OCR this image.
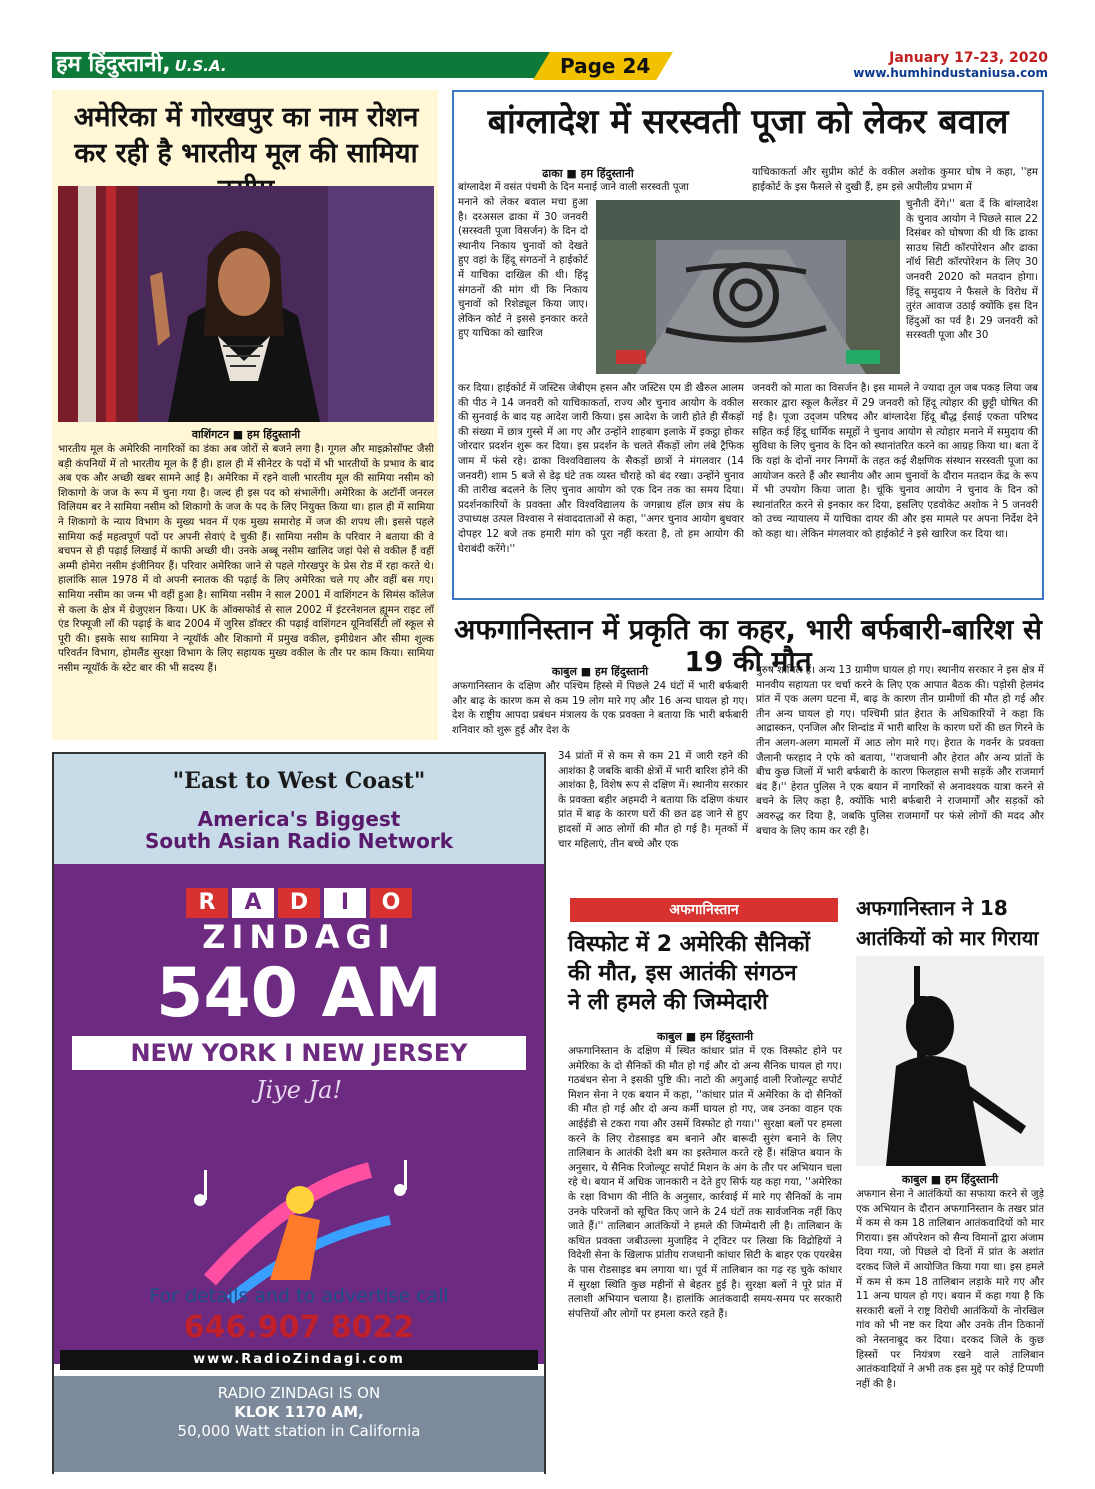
हम हिंदुस्तानी, U.S.A.	Page 24	January 17-23, 2020
www.humhindustaniusa.com
अमेरिका में गोरखपुर का नाम रोशन
कर रही है भारतीय मूल की सामिया
वाशिंगटन ■ हम हिंदुस्तानी
भारतीय मूल के अमेरिकी नागरिकों का डंका अब जोरों से बजने लगा है। गूगल और माइक्रोसॉफ्ट जैसी बड़ी कंपनियों में तो भारतीय मूल के हैं ही। हाल ही में सीनेटर के पदों में भी भारतीयों के प्रभाव के बाद अब एक और अच्छी खबर सामने आई है। अमेरिका में रहने वाली भारतीय मूल की सामिया नसीम को शिकागो के जज के रूप में चुना गया है। जल्द ही इस पद को संभालेंगी। अमेरिका के अटॉर्नी जनरल विलियम बर ने सामिया नसीम को शिकागो के जज के पद के लिए नियुक्त किया था। हाल ही में सामिया ने शिकागो के न्याय विभाग के मुख्य भवन में एक मुख्य समारोह में जज की शपथ ली। इससे पहले सामिया कई महत्वपूर्ण पदों पर अपनी सेवाएं दे चुकी हैं। सामिया नसीम के परिवार ने बताया की वे बचपन से ही पढ़ाई लिखाई में काफी अच्छी थी। उनके अब्बू नसीम खालिद जहां पेशे से वकील हैं वहीं अम्मी होमेरा नसीम इंजीनियर हैं। परिवार अमेरिका जाने से पहले गोरखपुर के प्रेस रोड में रहा करते थे। हालांकि साल 1978 में वो अपनी स्नातक की पढ़ाई के लिए अमेरिका चले गए और वहीं बस गए। सामिया नसीम का जन्म भी वहीं हुआ है। सामिया नसीम ने साल 2001 में वाशिंगटन के सिमंस कॉलेज से कला के क्षेत्र में ग्रेजुएशन किया। UK के ऑक्सफोर्ड से साल 2002 में इंटरनेशनल ह्यूमन राइट लॉ एंड रिफ्यूजी लॉ की पढ़ाई के बाद 2004 में जुरिस डॉक्टर की पढ़ाई वाशिंगटन यूनिवर्सिटी लॉ स्कूल से पूरी की। इसके साथ सामिया ने न्यूयॉर्क और शिकागो में प्रमुख वकील, इमीग्रेशन और सीमा शुल्क परिवर्तन विभाग, होमलैंड सुरक्षा विभाग के लिए सहायक मुख्य वकील के तौर पर काम किया। सामिया नसीम न्यूयॉर्क के स्टेट बार की भी सदस्य हैं।
बांग्लादेश में सरस्वती पूजा को लेकर बवाल
ढाका ■ हम हिंदुस्तानी
बांग्लादेश में वसंत पंचमी के दिन मनाई जाने वाली सरस्वती पूजा
मनाने को लेकर बवाल मचा हुआ है। दरअसल ढाका में 30 जनवरी (सरस्वती पूजा विसर्जन) के दिन दो स्थानीय निकाय चुनावों को देखते हुए वहां के हिंदू संगठनों ने हाईकोर्ट में याचिका दाखिल की थी। हिंदू संगठनों की मांग थी कि निकाय चुनावों को रिशेड्यूल किया जाए। लेकिन कोर्ट ने इससे इनकार करते हुए याचिका को खारिज
कर दिया। हाईकोर्ट में जस्टिस जेबीएम हसन और जस्टिस एम डी खैरुल आलम की पीठ ने 14 जनवरी को याचिकाकर्ता, राज्य और चुनाव आयोग के वकील की सुनवाई के बाद यह आदेश जारी किया। इस आदेश के जारी होते ही सैंकड़ों की संख्या में छात्र गुस्से में आ गए और उन्होंने शाहबाग इलाके में इकट्ठा होकर जोरदार प्रदर्शन शुरू कर दिया। इस प्रदर्शन के चलते सैंकड़ों लोग लंबे ट्रैफिक जाम में फंसे रहे। ढाका विश्वविद्यालय के सैकड़ों छात्रों ने मंगलवार (14 जनवरी) शाम 5 बजे से डेढ़ घंटे तक व्यस्त चौराहे को बंद रखा। उन्होंने चुनाव की तारीख बदलने के लिए चुनाव आयोग को एक दिन तक का समय दिया। प्रदर्शनकारियों के प्रवक्ता और विश्वविद्यालय के जगन्नाथ हॉल छात्र संघ के उपाध्यक्ष उत्पल विश्वास ने संवाददाताओं से कहा, ''अगर चुनाव आयोग बुधवार दोपहर 12 बजे तक हमारी मांग को पूरा नहीं करता है, तो हम आयोग की घेराबंदी करेंगे।''
याचिकाकर्ता और सुप्रीम कोर्ट के वकील अशोक कुमार घोष ने कहा, ''हम हाईकोर्ट के इस फैसले से दुखी हैं, हम इसे अपीलीय प्रभाग में
चुनौती देंगे।'' बता दें कि बांग्लादेश के चुनाव आयोग ने पिछले साल 22 दिसंबर को घोषणा की थी कि ढाका साउथ सिटी कॉरपोरेशन और ढाका नॉर्थ सिटी कॉरपोरेशन के लिए 30 जनवरी 2020 को मतदान होगा। हिंदू समुदाय ने फैसले के विरोध में तुरंत आवाज उठाई क्योंकि इस दिन हिंदुओं का पर्व है। 29 जनवरी को सरस्वती पूजा और 30
जनवरी को माता का विसर्जन है। इस मामले ने ज्यादा तूल जब पकड़ लिया जब सरकार द्वारा स्कूल कैलेंडर में 29 जनवरी को हिंदू त्योहार की छुट्टी घोषित की गई है। पूजा उद्जम परिषद और बांग्लादेश हिंदू बौद्ध ईसाई एकता परिषद सहित कई हिंदू धार्मिक समूहों ने चुनाव आयोग से त्योहार मनाने में समुदाय की सुविधा के लिए चुनाव के दिन को स्थानांतरित करने का आग्रह किया था। बता दें कि यहां के दोनों नगर निगमों के तहत कई शैक्षणिक संस्थान सरस्वती पूजा का आयोजन करते हैं और स्थानीय और आम चुनावों के दौरान मतदान केंद्र के रूप में भी उपयोग किया जाता है। चूंकि चुनाव आयोग ने चुनाव के दिन को स्थानांतरित करने से इनकार कर दिया, इसलिए एडवोकेट अशोक ने 5 जनवरी को उच्च न्यायालय में याचिका दायर की और इस मामले पर अपना निर्देश देने को कहा था। लेकिन मंगलवार को हाईकोर्ट ने इसे खारिज कर दिया था।
अफगानिस्तान में प्रकृति का कहर, भारी बर्फबारी-बारिश से 19 की मौत
काबुल ■ हम हिंदुस्तानी
अफगानिस्तान के दक्षिण और पश्चिम हिस्से में पिछले 24 घंटों में भारी बर्फबारी और बाढ़ के कारण कम से कम 19 लोग मारे गए और 16 अन्य घायल हो गए। देश के राष्ट्रीय आपदा प्रबंधन मंत्रालय के एक प्रवक्ता ने बताया कि भारी बर्फबारी शनिवार को शुरू हुई और देश के
34 प्रांतों में से कम से कम 21 में जारी रहने की आशंका है जबकि बाकी क्षेत्रों में भारी बारिश होने की आशंका है, विशेष रूप से दक्षिण में। स्थानीय सरकार के प्रवक्ता बहीर अहमदी ने बताया कि दक्षिण कंधार प्रांत में बाढ़ के कारण घरों की छत ढह जाने से हुए हादसों में आठ लोगों की मौत हो गई है। मृतकों में चार महिलाएं, तीन बच्चे और एक
पुरुष शामिल हैं। अन्य 13 ग्रामीण घायल हो गए। स्थानीय सरकार ने इस क्षेत्र में मानवीय सहायता पर चर्चा करने के लिए एक आपात बैठक की। पड़ोसी हेलमंद प्रांत में एक अलग घटना में, बाढ़ के कारण तीन ग्रामीणों की मौत हो गई और तीन अन्य घायल हो गए। पश्चिमी प्रांत हेरात के अधिकारियों ने कहा कि आद्रास्कन, एनजिल और शिन्दांड में भारी बारिश के कारण घरों की छत गिरने के तीन अलग-अलग मामलों में आठ लोग मारे गए। हेरात के गवर्नर के प्रवक्ता जैलानी फरहाद ने एफे को बताया, ''राजधानी और हेरात और अन्य प्रांतों के बीच कुछ जिलों में भारी बर्फबारी के कारण फिलहाल सभी सड़कें और राजमार्ग बंद हैं।'' हेरात पुलिस ने एक बयान में नागरिकों से अनावश्यक यात्रा करने से बचने के लिए कहा है, क्योंकि भारी बर्फबारी ने राजमार्गों और सड़कों को अवरुद्ध कर दिया है, जबकि पुलिस राजमार्गों पर फंसे लोगों की मदद और बचाव के लिए काम कर रही है।
"East to West Coast"
America's Biggest
South Asian Radio Network
R	A	D	I	O
ZINDAGI
540 AM
NEW YORK I NEW JERSEY
Jiye Ja!
For details and to advertise call
646.907 8022
www.RadioZindagi.com
RADIO ZINDAGI IS ON
KLOK 1170 AM,
50,000 Watt station in California
अफगानिस्तान
विस्फोट में 2 अमेरिकी सैनिकों
की मौत, इस आतंकी संगठन
ने ली हमले की जिम्मेदारी
काबुल ■ हम हिंदुस्तानी
अफगानिस्तान के दक्षिण में स्थित कांधार प्रांत में एक विस्फोट होने पर अमेरिका के दो सैनिकों की मौत हो गई और दो अन्य सैनिक घायल हो गए। गठबंधन सेना ने इसकी पुष्टि की। नाटो की अगुआई वाली रिजोल्यूट सपोर्ट मिशन सेना ने एक बयान में कहा, ''कांधार प्रांत में अमेरिका के दो सैनिकों की मौत हो गई और दो अन्य कर्मी घायल हो गए, जब उनका वाहन एक आईईडी से टकरा गया और उसमें विस्फोट हो गया।'' सुरक्षा बलों पर हमला करने के लिए रोडसाइड बम बनाने और बारूदी सुरंग बनाने के लिए तालिबान के आतंकी देशी बम का इस्तेमाल करते रहे हैं। संक्षिप्त बयान के अनुसार, ये सैनिक रिजोल्यूट सपोर्ट मिशन के अंग के तौर पर अभियान चला रहे थे। बयान में अधिक जानकारी न देते हुए सिर्फ यह कहा गया, ''अमेरिका के रक्षा विभाग की नीति के अनुसार, कार्रवाई में मारे गए सैनिकों के नाम उनके परिजनों को सूचित किए जाने के 24 घंटों तक सार्वजनिक नहीं किए जाते हैं।'' तालिबान आतंकियों ने हमले की जिम्मेदारी ली है। तालिबान के कथित प्रवक्ता जबीउल्ला मुजाहिद ने ट्विटर पर लिखा कि विद्रोहियों ने विदेशी सेना के खिलाफ प्रांतीय राजधानी कांधार सिटी के बाहर एक एयरबेस के पास रोडसाइड बम लगाया था। पूर्व में तालिबान का गढ़ रह चुके कांधार में सुरक्षा स्थिति कुछ महीनों से बेहतर हुई है। सुरक्षा बलों ने पूरे प्रांत में तलाशी अभियान चलाया है। हालांकि आतंकवादी समय-समय पर सरकारी संपत्तियों और लोगों पर हमला करते रहते हैं।
अफगानिस्तान ने 18
आतंकियों को मार गिराया
काबुल ■ हम हिंदुस्तानी
अफगान सेना ने आतंकियों का सफाया करने से जुड़े एक अभियान के दौरान अफगानिस्तान के तखर प्रांत में कम से कम 18 तालिबान आतंकवादियों को मार गिराया। इस ऑपरेशन को सैन्य विमानों द्वारा अंजाम दिया गया, जो पिछले दो दिनों में प्रांत के अशांत दरकद जिले में आयोजित किया गया था। इस हमले में कम से कम 18 तालिबान लड़ाके मारे गए और 11 अन्य घायल हो गए। बयान में कहा गया है कि सरकारी बलों ने राष्ट्र विरोधी आतंकियों के नोरखिल गांव को भी नष्ट कर दिया और उनके तीन ठिकानों को नेस्तनाबूद कर दिया। दरकद जिले के कुछ हिस्सों पर नियंत्रण रखने वाले तालिबान आतंकवादियों ने अभी तक इस मुद्दे पर कोई टिप्पणी नहीं की है।
